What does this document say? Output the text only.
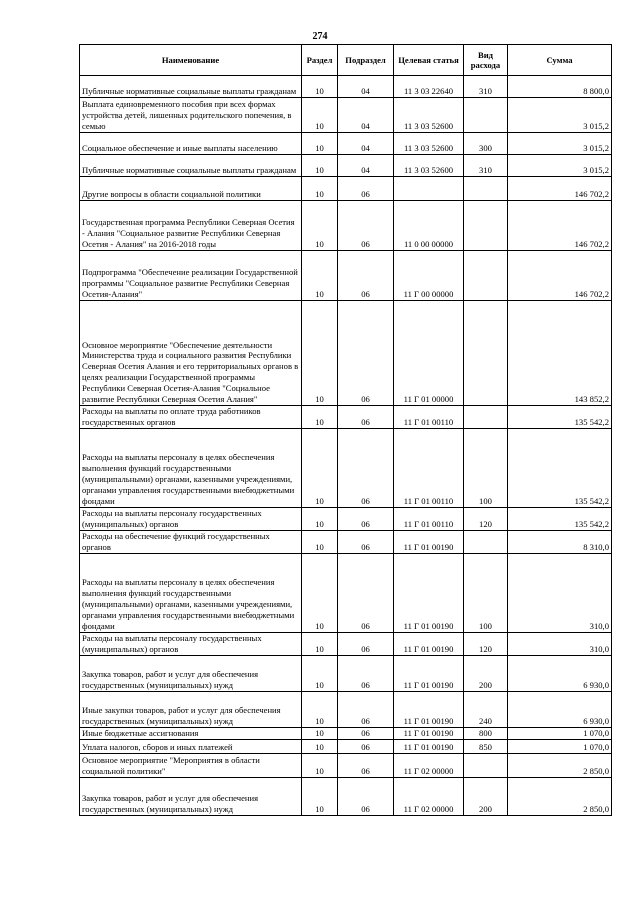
274
Наименование	Раздел	Подраздел	Целевая статья	Вид расхода	Сумма
Публичные нормативные социальные выплаты гражданам	10	04	11 3 03 22640	310	8 800,0
Выплата единовременного пособия при всех формах устройства детей, лишенных родительского попечения, в семью	10	04	11 3 03 52600		3 015,2
Социальное обеспечение и иные выплаты населению	10	04	11 3 03 52600	300	3 015,2
Публичные нормативные социальные выплаты гражданам	10	04	11 3 03 52600	310	3 015,2
Другие вопросы в области социальной политики	10	06			146 702,2
Государственная программа Республики Северная Осетия - Алания "Социальное развитие Республики Северная Осетия - Алания" на 2016-2018 годы	10	06	11 0 00 00000		146 702,2
Подпрограмма "Обеспечение реализации Государственной программы "Социальное развитие Республики Северная Осетия-Алания"	10	06	11 Г 00 00000		146 702,2
Основное мероприятие "Обеспечение деятельности Министерства труда и социального развития Республики Северная Осетия Алания и его территориальных органов в целях реализации Государственной программы Республики Северная Осетия-Алания "Социальное развитие Республики Северная Осетия Алания"	10	06	11 Г 01 00000		143 852,2
Расходы на выплаты по оплате труда работников государственных органов	10	06	11 Г 01 00110		135 542,2
Расходы на выплаты персоналу в целях обеспечения выполнения функций государственными (муниципальными) органами, казенными учреждениями, органами управления государственными внебюджетными фондами	10	06	11 Г 01 00110	100	135 542,2
Расходы на выплаты персоналу государственных (муниципальных) органов	10	06	11 Г 01 00110	120	135 542,2
Расходы на обеспечение функций государственных органов	10	06	11 Г 01 00190		8 310,0
Расходы на выплаты персоналу в целях обеспечения выполнения функций государственными (муниципальными) органами, казенными учреждениями, органами управления государственными внебюджетными фондами	10	06	11 Г 01 00190	100	310,0
Расходы на выплаты персоналу государственных (муниципальных) органов	10	06	11 Г 01 00190	120	310,0
Закупка товаров, работ и услуг для обеспечения государственных (муниципальных) нужд	10	06	11 Г 01 00190	200	6 930,0
Иные закупки товаров, работ и услуг для обеспечения государственных (муниципальных) нужд	10	06	11 Г 01 00190	240	6 930,0
Иные бюджетные ассигнования	10	06	11 Г 01 00190	800	1 070,0
Уплата налогов, сборов и иных платежей	10	06	11 Г 01 00190	850	1 070,0
Основное мероприятие "Мероприятия в области социальной политики"	10	06	11 Г 02 00000		2 850,0
Закупка товаров, работ и услуг для обеспечения государственных (муниципальных) нужд	10	06	11 Г 02 00000	200	2 850,0
